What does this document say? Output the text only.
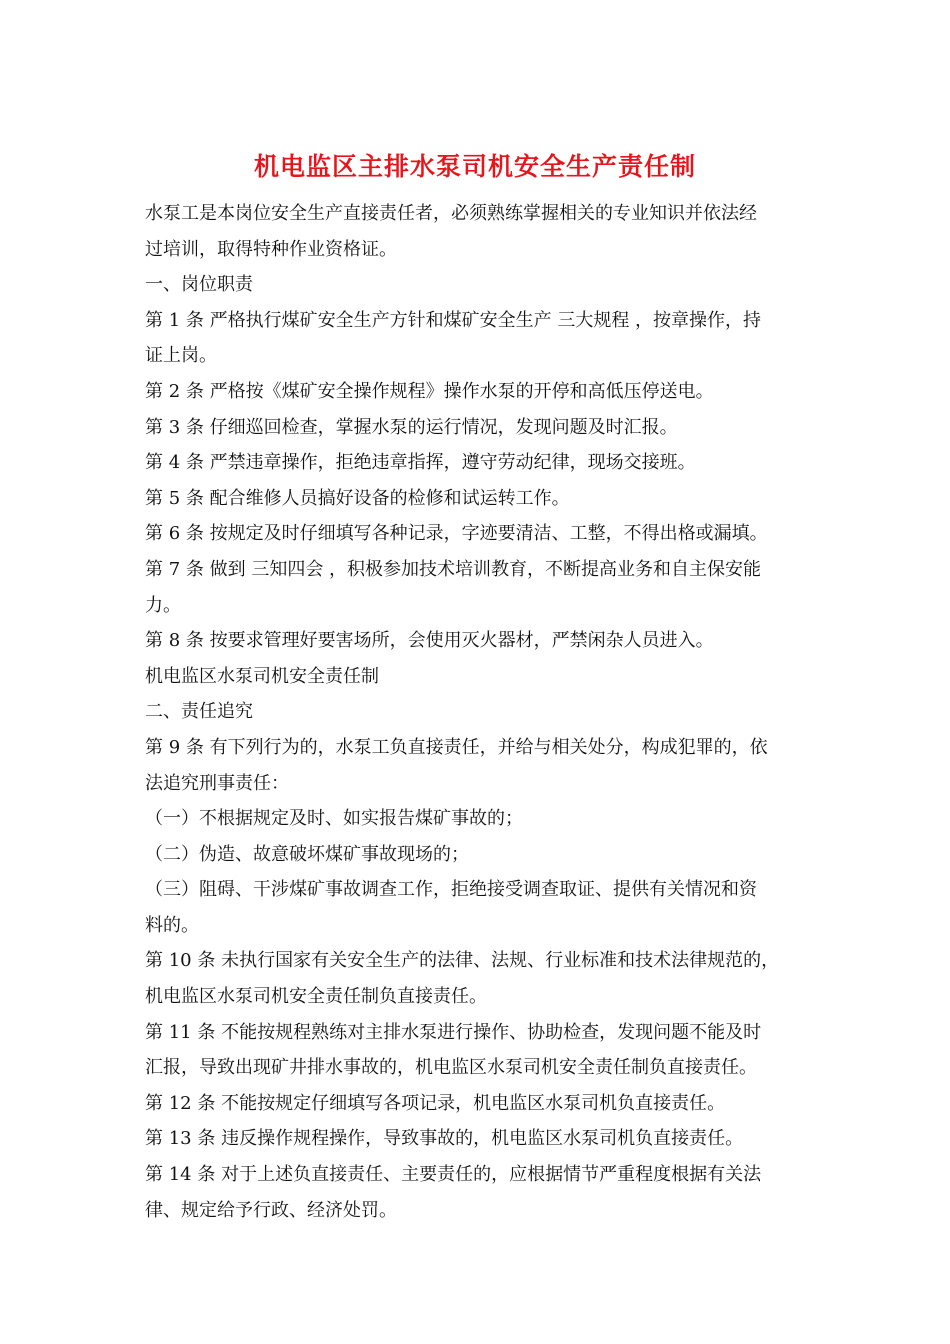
机电监区主排水泵司机安全生产责任制
水泵工是本岗位安全生产直接责任者，必须熟练掌握相关的专业知识并依法经
过培训，取得特种作业资格证。
一、岗位职责
第 1 条 严格执行煤矿安全生产方针和煤矿安全生产 三大规程 ，按章操作，持
证上岗。
第 2 条 严格按《煤矿安全操作规程》操作水泵的开停和高低压停送电。
第 3 条 仔细巡回检查，掌握水泵的运行情况，发现问题及时汇报。
第 4 条 严禁违章操作，拒绝违章指挥，遵守劳动纪律，现场交接班。
第 5 条 配合维修人员搞好设备的检修和试运转工作。
第 6 条 按规定及时仔细填写各种记录，字迹要清洁、工整，不得出格或漏填。
第 7 条 做到 三知四会 ，积极参加技术培训教育，不断提高业务和自主保安能
力。
第 8 条 按要求管理好要害场所，会使用灭火器材，严禁闲杂人员进入。
机电监区水泵司机安全责任制
二、责任追究
第 9 条 有下列行为的，水泵工负直接责任，并给与相关处分，构成犯罪的，依
法追究刑事责任：
（一）不根据规定及时、如实报告煤矿事故的；
（二）伪造、故意破坏煤矿事故现场的；
（三）阻碍、干涉煤矿事故调查工作，拒绝接受调查取证、提供有关情况和资
料的。
第 10 条 未执行国家有关安全生产的法律、法规、行业标准和技术法律规范的，
机电监区水泵司机安全责任制负直接责任。
第 11 条 不能按规程熟练对主排水泵进行操作、协助检查，发现问题不能及时
汇报，导致出现矿井排水事故的，机电监区水泵司机安全责任制负直接责任。
第 12 条 不能按规定仔细填写各项记录，机电监区水泵司机负直接责任。
第 13 条 违反操作规程操作，导致事故的，机电监区水泵司机负直接责任。
第 14 条 对于上述负直接责任、主要责任的，应根据情节严重程度根据有关法
律、规定给予行政、经济处罚。
